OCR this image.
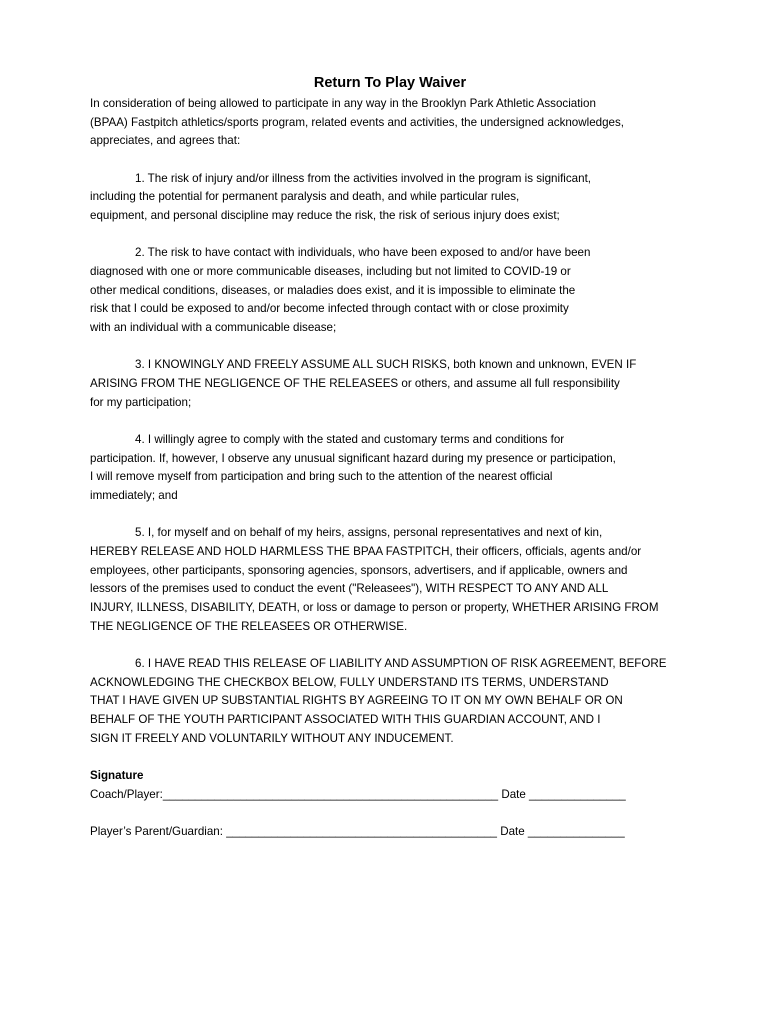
Return To Play Waiver
In consideration of being allowed to participate in any way in the Brooklyn Park Athletic Association
(BPAA) Fastpitch athletics/sports program, related events and activities, the undersigned acknowledges,
appreciates, and agrees that:
1. The risk of injury and/or illness from the activities involved in the program is significant,
including the potential for permanent paralysis and death, and while particular rules,
equipment, and personal discipline may reduce the risk, the risk of serious injury does exist;
2. The risk to have contact with individuals, who have been exposed to and/or have been
diagnosed with one or more communicable diseases, including but not limited to COVID-19 or
other medical conditions, diseases, or maladies does exist, and it is impossible to eliminate the
risk that I could be exposed to and/or become infected through contact with or close proximity
with an individual with a communicable disease;
3. I KNOWINGLY AND FREELY ASSUME ALL SUCH RISKS, both known and unknown, EVEN IF
ARISING FROM THE NEGLIGENCE OF THE RELEASEES or others, and assume all full responsibility
for my participation;
4. I willingly agree to comply with the stated and customary terms and conditions for
participation. If, however, I observe any unusual significant hazard during my presence or participation,
I will remove myself from participation and bring such to the attention of the nearest official
immediately; and
5. I, for myself and on behalf of my heirs, assigns, personal representatives and next of kin,
HEREBY RELEASE AND HOLD HARMLESS THE BPAA FASTPITCH, their officers, officials, agents and/or
employees, other participants, sponsoring agencies, sponsors, advertisers, and if applicable, owners and
lessors of the premises used to conduct the event ("Releasees"), WITH RESPECT TO ANY AND ALL
INJURY, ILLNESS, DISABILITY, DEATH, or loss or damage to person or property, WHETHER ARISING FROM
THE NEGLIGENCE OF THE RELEASEES OR OTHERWISE.
6. I HAVE READ THIS RELEASE OF LIABILITY AND ASSUMPTION OF RISK AGREEMENT, BEFORE
ACKNOWLEDGING THE CHECKBOX BELOW, FULLY UNDERSTAND ITS TERMS, UNDERSTAND
THAT I HAVE GIVEN UP SUBSTANTIAL RIGHTS BY AGREEING TO IT ON MY OWN BEHALF OR ON
BEHALF OF THE YOUTH PARTICIPANT ASSOCIATED WITH THIS GUARDIAN ACCOUNT, AND I
SIGN IT FREELY AND VOLUNTARILY WITHOUT ANY INDUCEMENT.
Signature
Coach/Player:____________________________________________________ Date _______________
Player’s Parent/Guardian: __________________________________________ Date _______________
